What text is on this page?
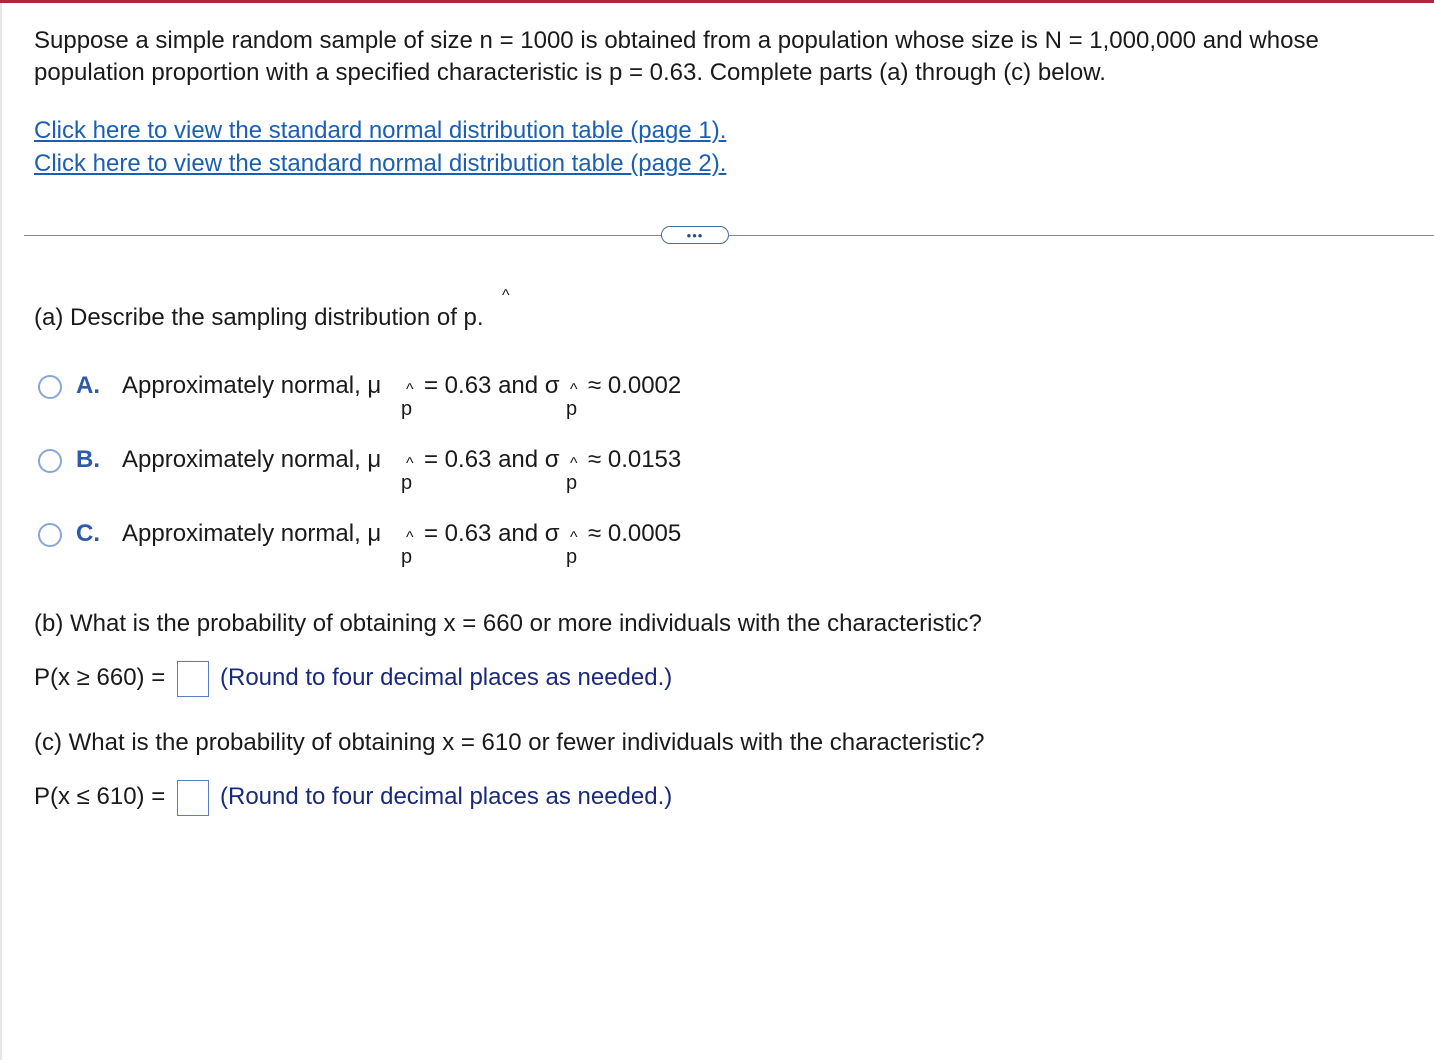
Suppose a simple random sample of size n = 1000 is obtained from a population whose size is N = 1,000,000 and whose
population proportion with a specified characteristic is p = 0.63. Complete parts (a) through (c) below.
Click here to view the standard normal distribution table (page 1).
Click here to view the standard normal distribution table (page 2).
•••
(a) Describe the sampling distribution of p.
^
A. Approximately normal, μ ^
p
= 0.63 and σ ^
p
≈ 0.0002
B. Approximately normal, μ ^
p
= 0.63 and σ ^
p
≈ 0.0153
C. Approximately normal, μ ^
p
= 0.63 and σ ^
p
≈ 0.0005
(b) What is the probability of obtaining x = 660 or more individuals with the characteristic?
P(x ≥ 660) = (Round to four decimal places as needed.)
(c) What is the probability of obtaining x = 610 or fewer individuals with the characteristic?
P(x ≤ 610) = (Round to four decimal places as needed.)
